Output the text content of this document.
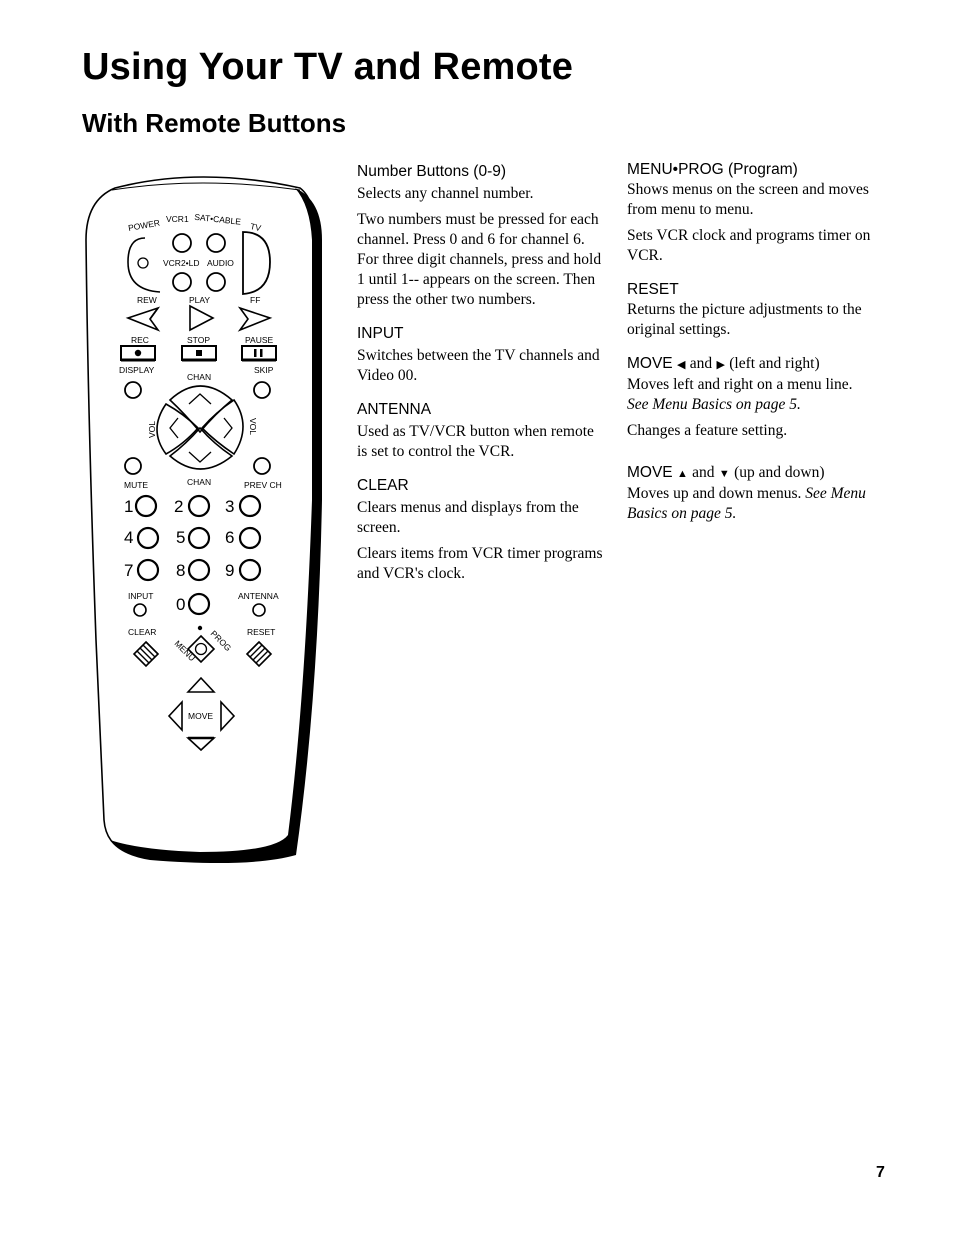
Using Your TV and Remote
With Remote Buttons
POWER VCR1 SAT•CABLE
TV
VCR2•LD AUDIO
REW	PLAY	FF
REC	STOP	PAUSE
DISPLAY
CHAN
SKIP
VOL	VOL
MUTE	CHAN	PREV CH
1 2 3
4	5 6
7	8 9
0
INPUT	ANTENNA
CLEAR	RESET
MENU PROG
MOVE
Number Buttons (0-9)
Selects any channel number.
Two numbers must be pressed for each channel. Press 0 and 6 for channel 6. For three digit channels, press and hold 1 until 1-- appears on the screen. Then press the other two numbers.
INPUT
Switches between the TV channels and Video 00.
ANTENNA
Used as TV/VCR button when remote is set to control the VCR.
CLEAR
Clears menus and displays from the screen.
Clears items from VCR timer programs and VCR's clock.
MENU•PROG (Program)
Shows menus on the screen and moves from menu to menu.
Sets VCR clock and programs timer on VCR.
RESET
Returns the picture adjustments to the original settings.
MOVE ◀ and ▶ (left and right)
Moves left and right on a menu line. See Menu Basics on page 5.
Changes a feature setting.
MOVE ▲ and ▼ (up and down)
Moves up and down menus. See Menu Basics on page 5.
7
